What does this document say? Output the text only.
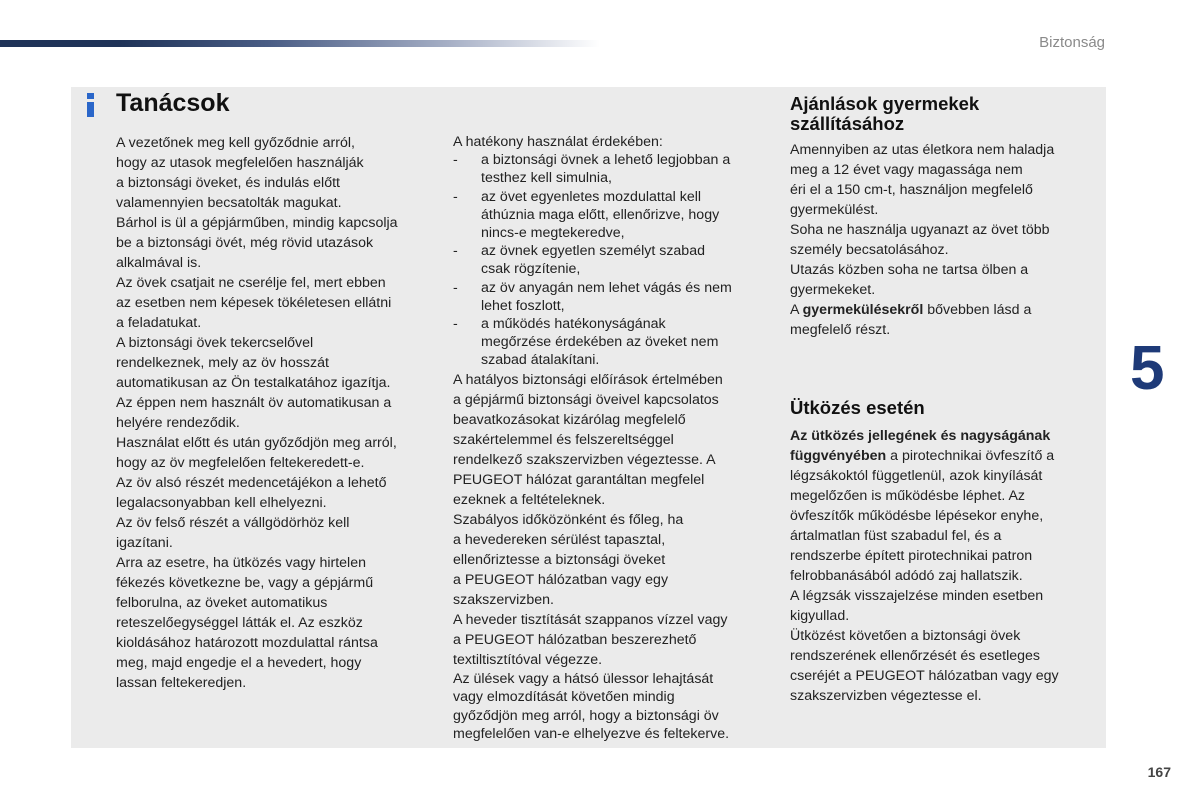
Biztonság
5
167
Tanácsok

A vezetőnek meg kell győződnie arról,

hogy az utasok megfelelően használják

a biztonsági öveket, és indulás előtt

valamennyien becsatolták magukat.

Bárhol is ül a gépjárműben, mindig kapcsolja

be a biztonsági övét, még rövid utazások

alkalmával is.

Az övek csatjait ne cserélje fel, mert ebben

az esetben nem képesek tökéletesen ellátni

a feladatukat.

A biztonsági övek tekercselővel

rendelkeznek, mely az öv hosszát

automatikusan az Ön testalkatához igazítja.

Az éppen nem használt öv automatikusan a

helyére rendeződik.

Használat előtt és után győződjön meg arról,

hogy az öv megfelelően feltekeredett-e.

Az öv alsó részét medencetájékon a lehető

legalacsonyabban kell elhelyezni.

Az öv felső részét a vállgödörhöz kell

igazítani.

Arra az esetre, ha ütközés vagy hirtelen

fékezés következne be, vagy a gépjármű

felborulna, az öveket automatikus

reteszelőegységgel látták el. Az eszköz

kioldásához határozott mozdulattal rántsa

meg, majd engedje el a hevedert, hogy

lassan feltekeredjen.

A hatékony használat érdekében:

- a biztonsági övnek a lehető legjobban a
testhez kell simulnia,
- az övet egyenletes mozdulattal kell
áthúznia maga előtt, ellenőrizve, hogy
nincs-e megtekeredve,
- az övnek egyetlen személyt szabad
csak rögzítenie,
- az öv anyagán nem lehet vágás és nem
lehet foszlott,
- a működés hatékonyságának
megőrzése érdekében az öveket nem
szabad átalakítani.

A hatályos biztonsági előírások értelmében

a gépjármű biztonsági öveivel kapcsolatos

beavatkozásokat kizárólag megfelelő

szakértelemmel és felszereltséggel

rendelkező szakszervizben végeztesse. A

PEUGEOT hálózat garantáltan megfelel

ezeknek a feltételeknek.

Szabályos időközönként és főleg, ha

a hevedereken sérülést tapasztal,

ellenőriztesse a biztonsági öveket

a PEUGEOT hálózatban vagy egy

szakszervizben.

A heveder tisztítását szappanos vízzel vagy

a PEUGEOT hálózatban beszerezhető

textiltisztítóval végezze.

Az ülések vagy a hátsó ülessor lehajtását

vagy elmozdítását követően mindig

győződjön meg arról, hogy a biztonsági öv

megfelelően van-e elhelyezve és feltekerve.

Ajánlások gyermekek szállításához

Amennyiben az utas életkora nem haladja

meg a 12 évet vagy magassága nem

éri el a 150 cm-t, használjon megfelelő

gyermekülést.

Soha ne használja ugyanazt az övet több

személy becsatolásához.

Utazás közben soha ne tartsa ölben a

gyermekeket.

A gyermekülésekről bővebben lásd a

megfelelő részt.

Ütközés esetén

Az ütközés jellegének és nagyságának

függvényében a pirotechnikai övfeszítő a

légzsákoktól függetlenül, azok kinyílását

megelőzően is működésbe léphet. Az

övfeszítők működésbe lépésekor enyhe,

ártalmatlan füst szabadul fel, és a

rendszerbe épített pirotechnikai patron

felrobbanásából adódó zaj hallatszik.

A légzsák visszajelzése minden esetben

kigyullad.

Ütközést követően a biztonsági övek

rendszerének ellenőrzését és esetleges

cseréjét a PEUGEOT hálózatban vagy egy

szakszervizben végeztesse el.
